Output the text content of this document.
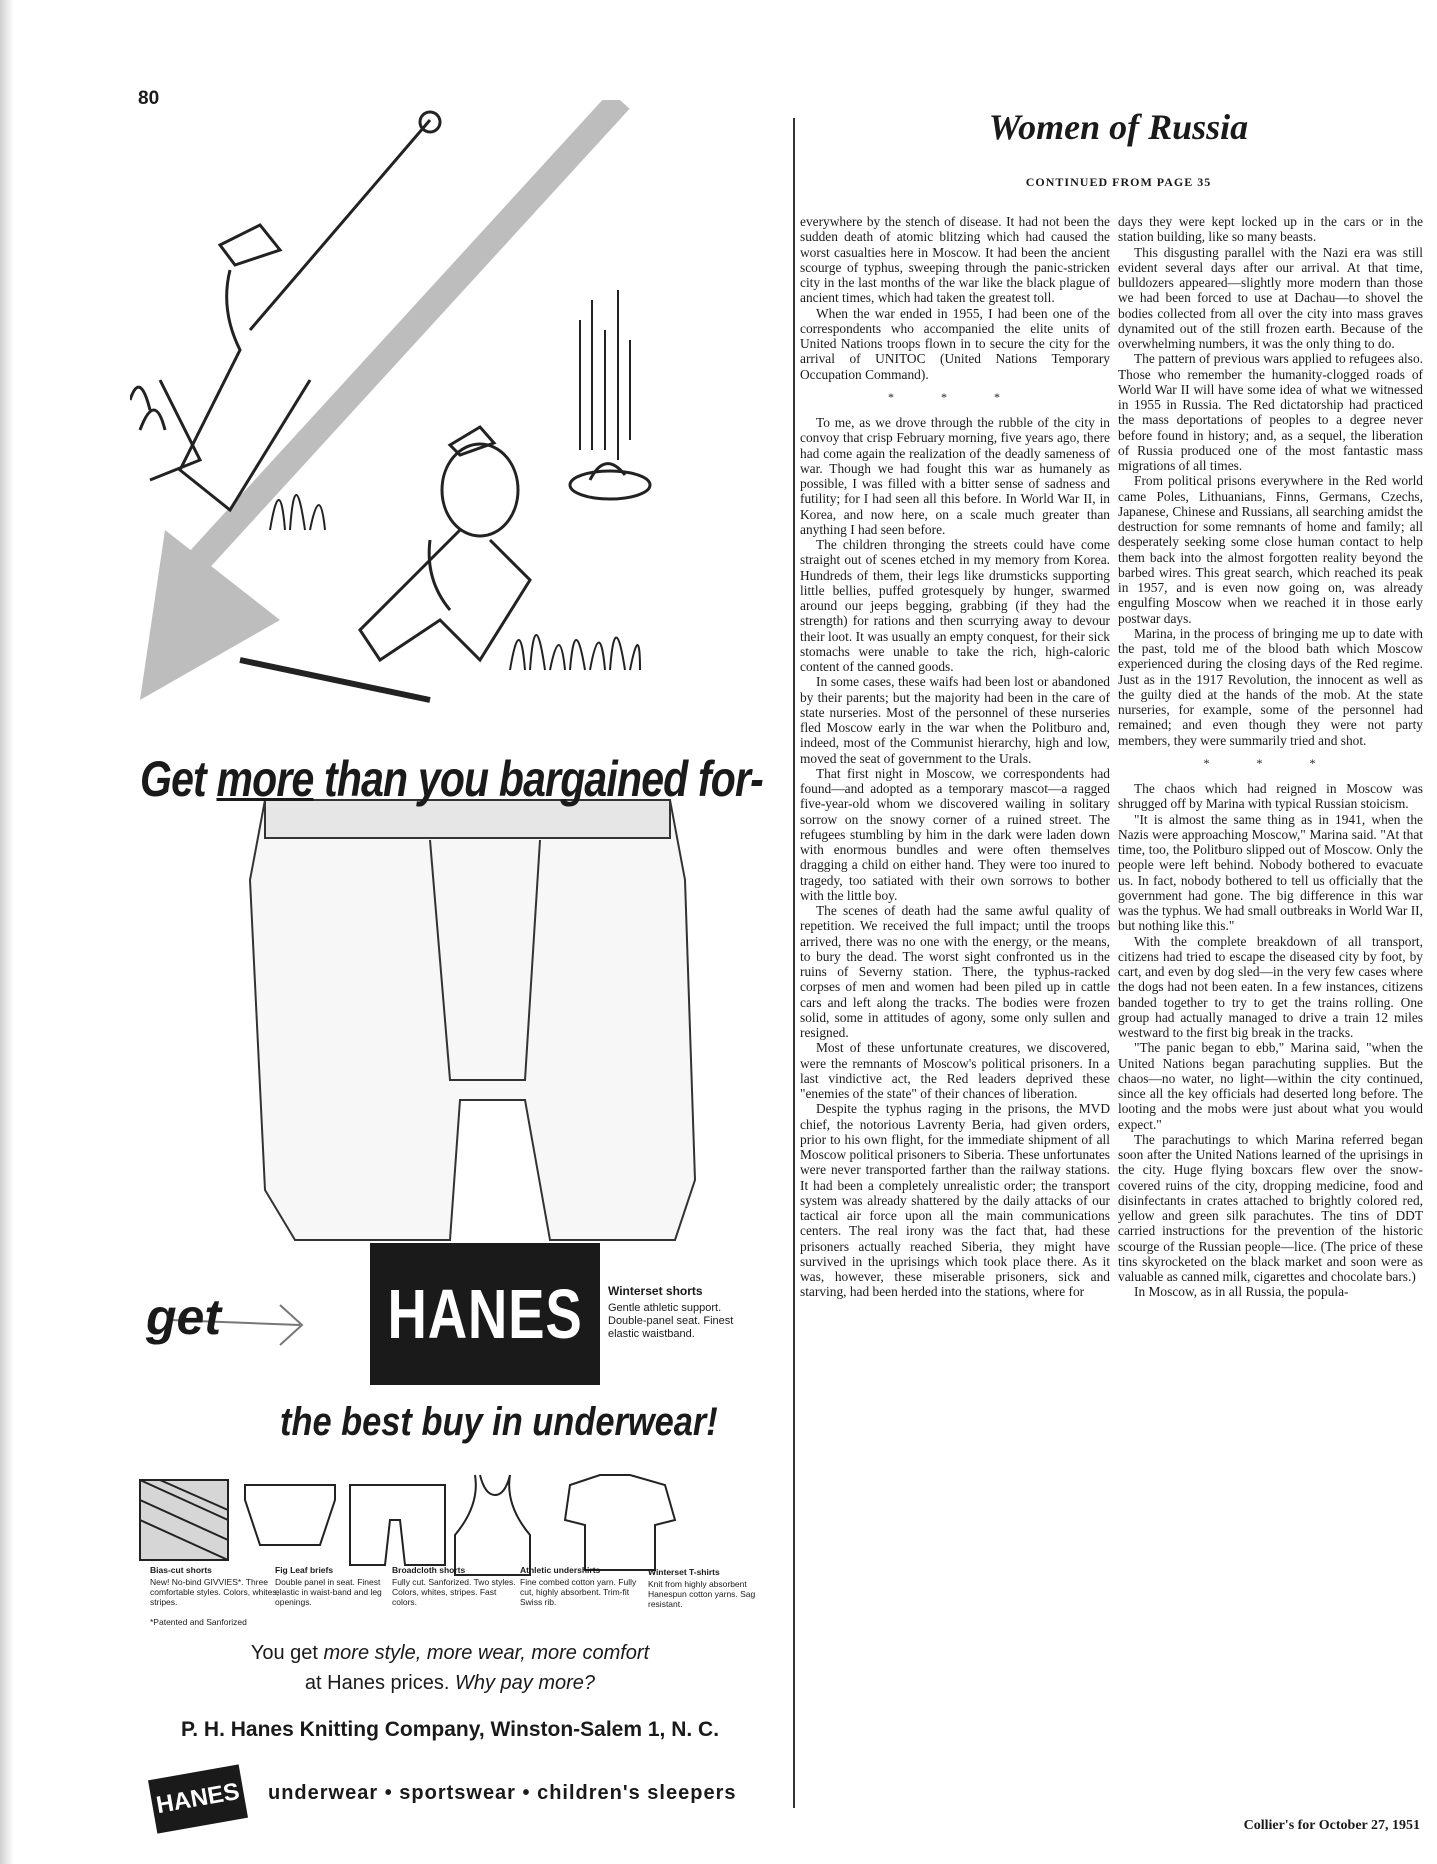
80
Get more than you bargained for-
get HANES Winterset shorts
Gentle athletic support. Double-panel seat. Finest elastic waistband.
the best buy in underwear!
Bias-cut shorts
New! No-bind GIVVIES*. Three comfortable styles. Colors, whites, stripes.
Fig Leaf briefs
Double panel in seat. Finest elastic in waist-band and leg openings.
Broadcloth shorts
Fully cut. Sanforized. Two styles. Colors, whites, stripes. Fast colors.
Athletic undershirts
Fine combed cotton yarn. Fully cut, highly absorbent. Trim-fit Swiss rib.
Winterset T-shirts
Knit from highly absorbent Hanespun cotton yarns. Sag resistant.
*Patented and Sanforized
You get more style, more wear, more comfort
at Hanes prices. Why pay more?
P. H. Hanes Knitting Company, Winston-Salem 1, N. C.
HANES	underwear • sportswear • children's sleepers
Women of Russia
CONTINUED FROM PAGE 35

everywhere by the stench of disease. It had not been the sudden death of atomic blitzing which had caused the worst casualties here in Moscow. It had been the ancient scourge of typhus, sweeping through the panic-stricken city in the last months of the war like the black plague of ancient times, which had taken the greatest toll.

When the war ended in 1955, I had been one of the correspondents who accompanied the elite units of United Nations troops flown in to secure the city for the arrival of UNITOC (United Nations Temporary Occupation Command).

* * *

To me, as we drove through the rubble of the city in convoy that crisp February morning, five years ago, there had come again the realization of the deadly sameness of war. Though we had fought this war as humanely as possible, I was filled with a bitter sense of sadness and futility; for I had seen all this before. In World War II, in Korea, and now here, on a scale much greater than anything I had seen before.

The children thronging the streets could have come straight out of scenes etched in my memory from Korea. Hundreds of them, their legs like drumsticks supporting little bellies, puffed grotesquely by hunger, swarmed around our jeeps begging, grabbing (if they had the strength) for rations and then scurrying away to devour their loot. It was usually an empty conquest, for their sick stomachs were unable to take the rich, high-caloric content of the canned goods.

In some cases, these waifs had been lost or abandoned by their parents; but the majority had been in the care of state nurseries. Most of the personnel of these nurseries fled Moscow early in the war when the Politburo and, indeed, most of the Communist hierarchy, high and low, moved the seat of government to the Urals.

That first night in Moscow, we correspondents had found—and adopted as a temporary mascot—a ragged five-year-old whom we discovered wailing in solitary sorrow on the snowy corner of a ruined street. The refugees stumbling by him in the dark were laden down with enormous bundles and were often themselves dragging a child on either hand. They were too inured to tragedy, too satiated with their own sorrows to bother with the little boy.

The scenes of death had the same awful quality of repetition. We received the full impact; until the troops arrived, there was no one with the energy, or the means, to bury the dead. The worst sight confronted us in the ruins of Severny station. There, the typhus-racked corpses of men and women had been piled up in cattle cars and left along the tracks. The bodies were frozen solid, some in attitudes of agony, some only sullen and resigned.

Most of these unfortunate creatures, we discovered, were the remnants of Moscow's political prisoners. In a last vindictive act, the Red leaders deprived these "enemies of the state" of their chances of liberation.

Despite the typhus raging in the prisons, the MVD chief, the notorious Lavrenty Beria, had given orders, prior to his own flight, for the immediate shipment of all Moscow political prisoners to Siberia. These unfortunates were never transported farther than the railway stations. It had been a completely unrealistic order; the transport system was already shattered by the daily attacks of our tactical air force upon all the main communications centers. The real irony was the fact that, had these prisoners actually reached Siberia, they might have survived in the uprisings which took place there. As it was, however, these miserable prisoners, sick and starving, had been herded into the stations, where for

days they were kept locked up in the cars or in the station building, like so many beasts.

This disgusting parallel with the Nazi era was still evident several days after our arrival. At that time, bulldozers appeared—slightly more modern than those we had been forced to use at Dachau—to shovel the bodies collected from all over the city into mass graves dynamited out of the still frozen earth. Because of the overwhelming numbers, it was the only thing to do.

The pattern of previous wars applied to refugees also. Those who remember the humanity-clogged roads of World War II will have some idea of what we witnessed in 1955 in Russia. The Red dictatorship had practiced the mass deportations of peoples to a degree never before found in history; and, as a sequel, the liberation of Russia produced one of the most fantastic mass migrations of all times.

From political prisons everywhere in the Red world came Poles, Lithuanians, Finns, Germans, Czechs, Japanese, Chinese and Russians, all searching amidst the destruction for some remnants of home and family; all desperately seeking some close human contact to help them back into the almost forgotten reality beyond the barbed wires. This great search, which reached its peak in 1957, and is even now going on, was already engulfing Moscow when we reached it in those early postwar days.

Marina, in the process of bringing me up to date with the past, told me of the blood bath which Moscow experienced during the closing days of the Red regime. Just as in the 1917 Revolution, the innocent as well as the guilty died at the hands of the mob. At the state nurseries, for example, some of the personnel had remained; and even though they were not party members, they were summarily tried and shot.

* * *

The chaos which had reigned in Moscow was shrugged off by Marina with typical Russian stoicism.

"It is almost the same thing as in 1941, when the Nazis were approaching Moscow," Marina said. "At that time, too, the Politburo slipped out of Moscow. Only the people were left behind. Nobody bothered to evacuate us. In fact, nobody bothered to tell us officially that the government had gone. The big difference in this war was the typhus. We had small outbreaks in World War II, but nothing like this."

With the complete breakdown of all transport, citizens had tried to escape the diseased city by foot, by cart, and even by dog sled—in the very few cases where the dogs had not been eaten. In a few instances, citizens banded together to try to get the trains rolling. One group had actually managed to drive a train 12 miles westward to the first big break in the tracks.

"The panic began to ebb," Marina said, "when the United Nations began parachuting supplies. But the chaos—no water, no light—within the city continued, since all the key officials had deserted long before. The looting and the mobs were just about what you would expect."

The parachutings to which Marina referred began soon after the United Nations learned of the uprisings in the city. Huge flying boxcars flew over the snow-covered ruins of the city, dropping medicine, food and disinfectants in crates attached to brightly colored red, yellow and green silk parachutes. The tins of DDT carried instructions for the prevention of the historic scourge of the Russian people—lice. (The price of these tins skyrocketed on the black market and soon were as valuable as canned milk, cigarettes and chocolate bars.)

In Moscow, as in all Russia, the popula-

Collier's for October 27, 1951
